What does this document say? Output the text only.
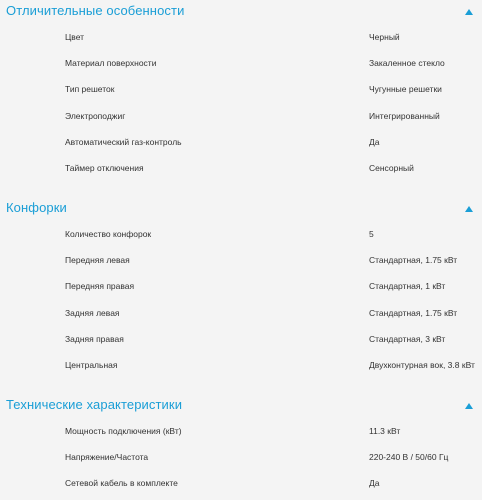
Отличительные особенности
Цвет	Черный
Материал поверхности	Закаленное стекло
Тип решеток	Чугунные решетки
Электроподжиг	Интегрированный
Автоматический газ-контроль	Да
Таймер отключения	Сенсорный
Конфорки
Количество конфорок	5
Передняя левая	Стандартная, 1.75 кВт
Передняя правая	Стандартная, 1 кВт
Задняя левая	Стандартная, 1.75 кВт
Задняя правая	Стандартная, 3 кВт
Центральная	Двухконтурная вок, 3.8 кВт
Технические характеристики
Мощность подключения (кВт)	11.3 кВт
Напряжение/Частота	220-240 В / 50/60 Гц
Сетевой кабель в комплекте	Да
